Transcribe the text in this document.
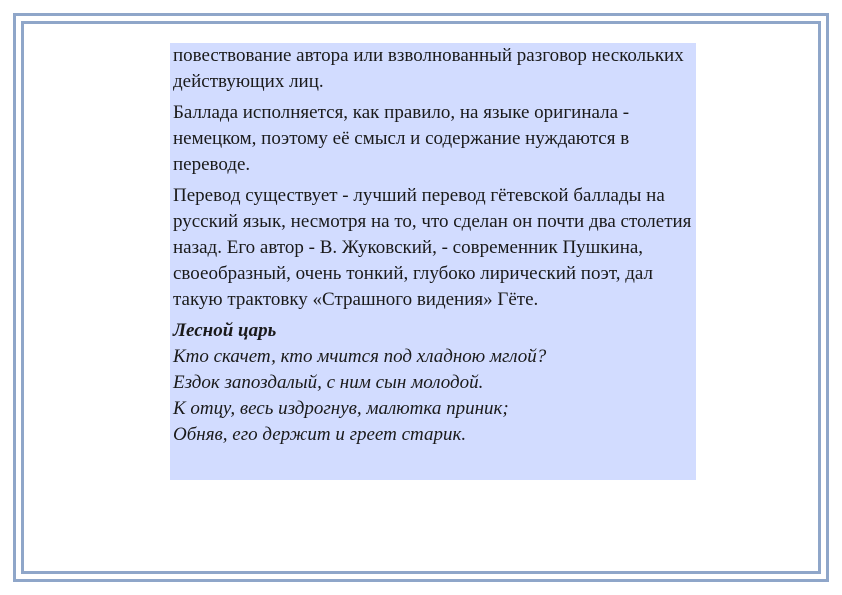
повествование автора или взволнованный разговор нескольких действующих лиц.

Баллада исполняется, как правило, на языке оригинала - немецком, поэтому её смысл и содержание нуждаются в переводе.

Перевод существует - лучший перевод гётевской баллады на русский язык, несмотря на то, что сделан он почти два столетия назад. Его автор - В. Жуковский, - современник Пушкина, своеобразный, очень тонкий, глубоко лирический поэт, дал такую трактовку «Страшного видения» Гёте.

Лесной царь
Кто скачет, кто мчится под хладною мглой?
Ездок запоздалый, с ним сын молодой.
К отцу, весь издрогнув, малютка приник;
Обняв, его держит и греет старик.
